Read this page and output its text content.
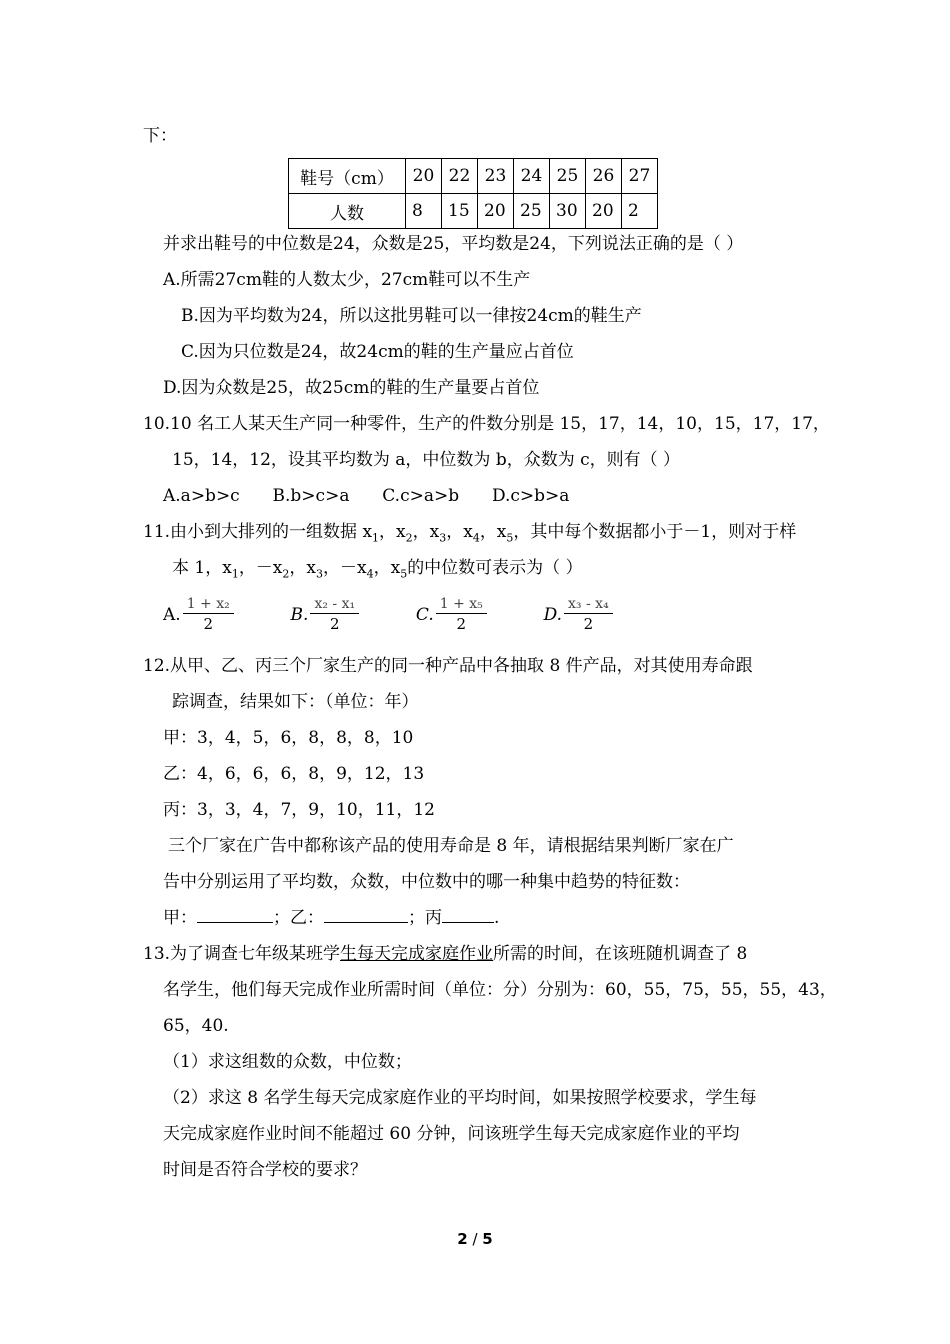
下：
鞋号（cm）	20	22	23	24	25	26	27
人数	8	15	20	25	30	20	2
并求出鞋号的中位数是24，众数是25，平均数是24，下列说法正确的是（ ）
A.所需27cm鞋的人数太少，27cm鞋可以不生产
B.因为平均数为24，所以这批男鞋可以一律按24cm的鞋生产
C.因为只位数是24，故24cm的鞋的生产量应占首位
D.因为众数是25，故25cm的鞋的生产量要占首位
10.10 名工人某天生产同一种零件，生产的件数分别是 15，17，14，10，15，17，17，
15，14，12，设其平均数为 a，中位数为 b，众数为 c，则有（ ）
A.a>b>c B.b>c>a C.c>a>b D.c>b>a
11.由小到大排列的一组数据 $x_1$，$x_2$，$x_3$，$x_4$，$x_5$，其中每个数据都小于－1，则对于样
本 1，$x_1$，$-x_2$，$x_3$，$-x_4$，$x_5$的中位数可表示为（ ）
A. $\frac{\text{1 + x₂}}{2}$	B. $\frac{\text{x₂ - x₁}}{2}$	C. $\frac{\text{1 + x₅}}{2}$	D. $\frac{\text{x₃ - x₄}}{2}$
12.从甲、乙、丙三个厂家生产的同一种产品中各抽取 8 件产品，对其使用寿命跟
踪调查，结果如下：（单位：年）
甲：3，4，5，6，8，8，8，10
乙：4，6，6，6，8，9，12，13
丙：3，3，4，7，9，10，11，12
三个厂家在广告中都称该产品的使用寿命是 8 年，请根据结果判断厂家在广
告中分别运用了平均数，众数，中位数中的哪一种集中趋势的特征数：
甲：	；乙：	；丙	.
13.为了调查七年级某班学生每天完成家庭作业所需的时间，在该班随机调查了 8
名学生，他们每天完成作业所需时间（单位：分）分别为：60，55，75，55，55，43，
65，40.
（1）求这组数的众数，中位数；
（2）求这 8 名学生每天完成家庭作业的平均时间，如果按照学校要求，学生每
天完成家庭作业时间不能超过 60 分钟，问该班学生每天完成家庭作业的平均
时间是否符合学校的要求？
2 / 5
